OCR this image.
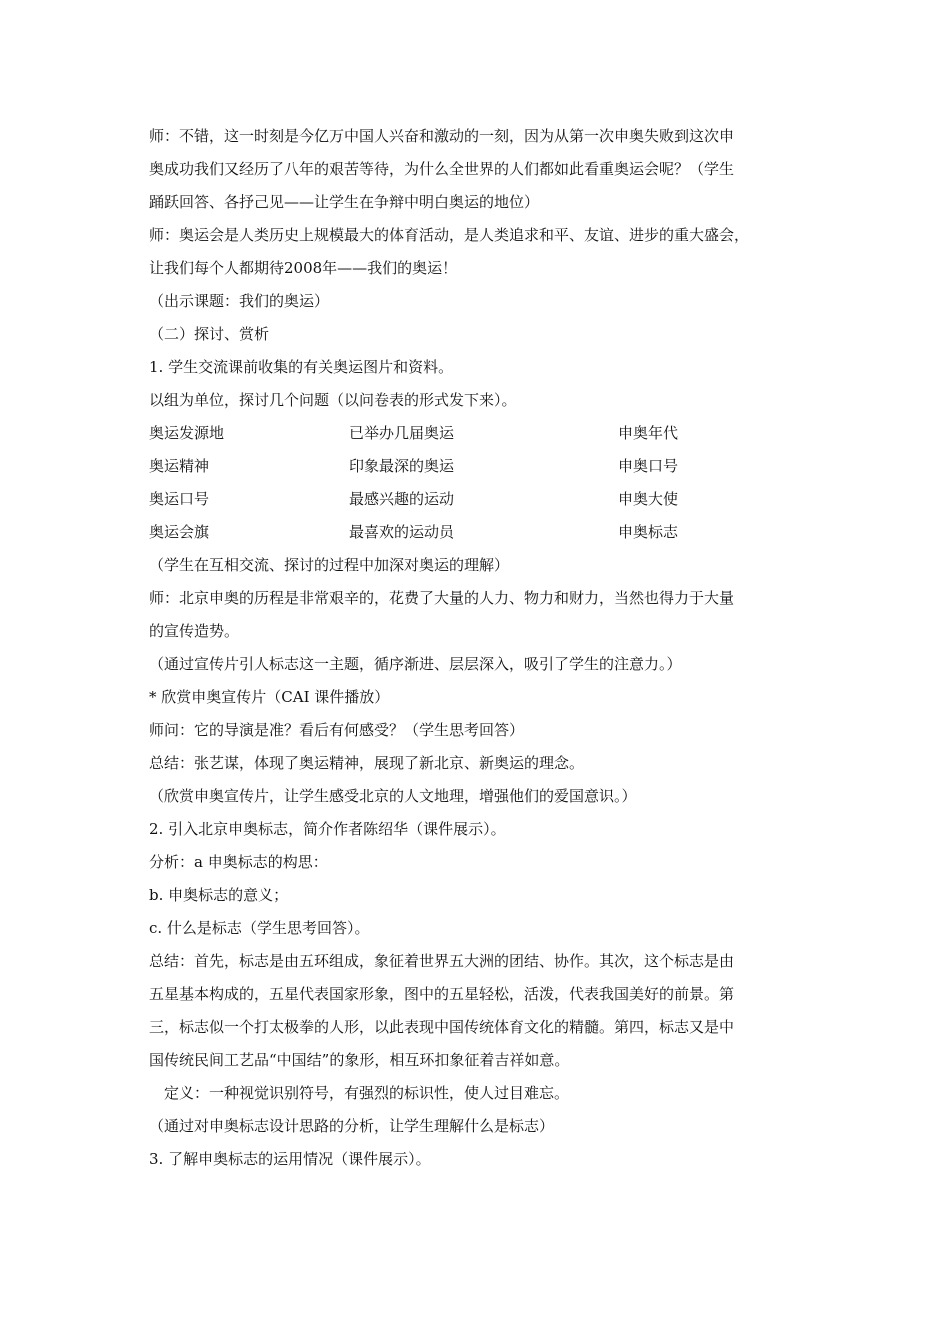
师：不错，这一时刻是今亿万中国人兴奋和激动的一刻，因为从第一次申奥失败到这次申
奥成功我们又经历了八年的艰苦等待，为什么全世界的人们都如此看重奥运会呢？（学生
踊跃回答、各抒己见——让学生在争辩中明白奥运的地位）
师：奥运会是人类历史上规模最大的体育活动，是人类追求和平、友谊、进步的重大盛会，
让我们每个人都期待2008年——我们的奥运！
（出示课题：我们的奥运）
（二）探讨、赏析
1. 学生交流课前收集的有关奥运图片和资料。
以组为单位，探讨几个问题（以问卷表的形式发下来）。
奥运发源地	已举办几届奥运	申奥年代
奥运精神	印象最深的奥运	申奥口号
奥运口号	最感兴趣的运动	申奥大使
奥运会旗	最喜欢的运动员	申奥标志
（学生在互相交流、探讨的过程中加深对奥运的理解）
师：北京申奥的历程是非常艰辛的，花费了大量的人力、物力和财力，当然也得力于大量
的宣传造势。
（通过宣传片引人标志这一主题，循序渐进、层层深入，吸引了学生的注意力。）
* 欣赏申奥宣传片（CAI 课件播放）
师问：它的导演是准？看后有何感受？（学生思考回答）
总结：张艺谋，体现了奥运精神，展现了新北京、新奥运的理念。
（欣赏申奥宣传片，让学生感受北京的人文地理，增强他们的爱国意识。）
2. 引入北京申奥标志，简介作者陈绍华（课件展示）。
分析：a 申奥标志的构思：
b. 申奥标志的意义；
c. 什么是标志（学生思考回答）。
总结：首先，标志是由五环组成，象征着世界五大洲的团结、协作。其次，这个标志是由
五星基本构成的，五星代表国家形象，图中的五星轻松，活泼，代表我国美好的前景。第
三，标志似一个打太极拳的人形，以此表现中国传统体育文化的精髓。第四，标志又是中
国传统民间工艺品“中国结”的象形，相互环扣象征着吉祥如意。
定义：一种视觉识别符号，有强烈的标识性，使人过目难忘。
（通过对申奥标志设计思路的分析，让学生理解什么是标志）
3. 了解申奥标志的运用情况（课件展示）。
